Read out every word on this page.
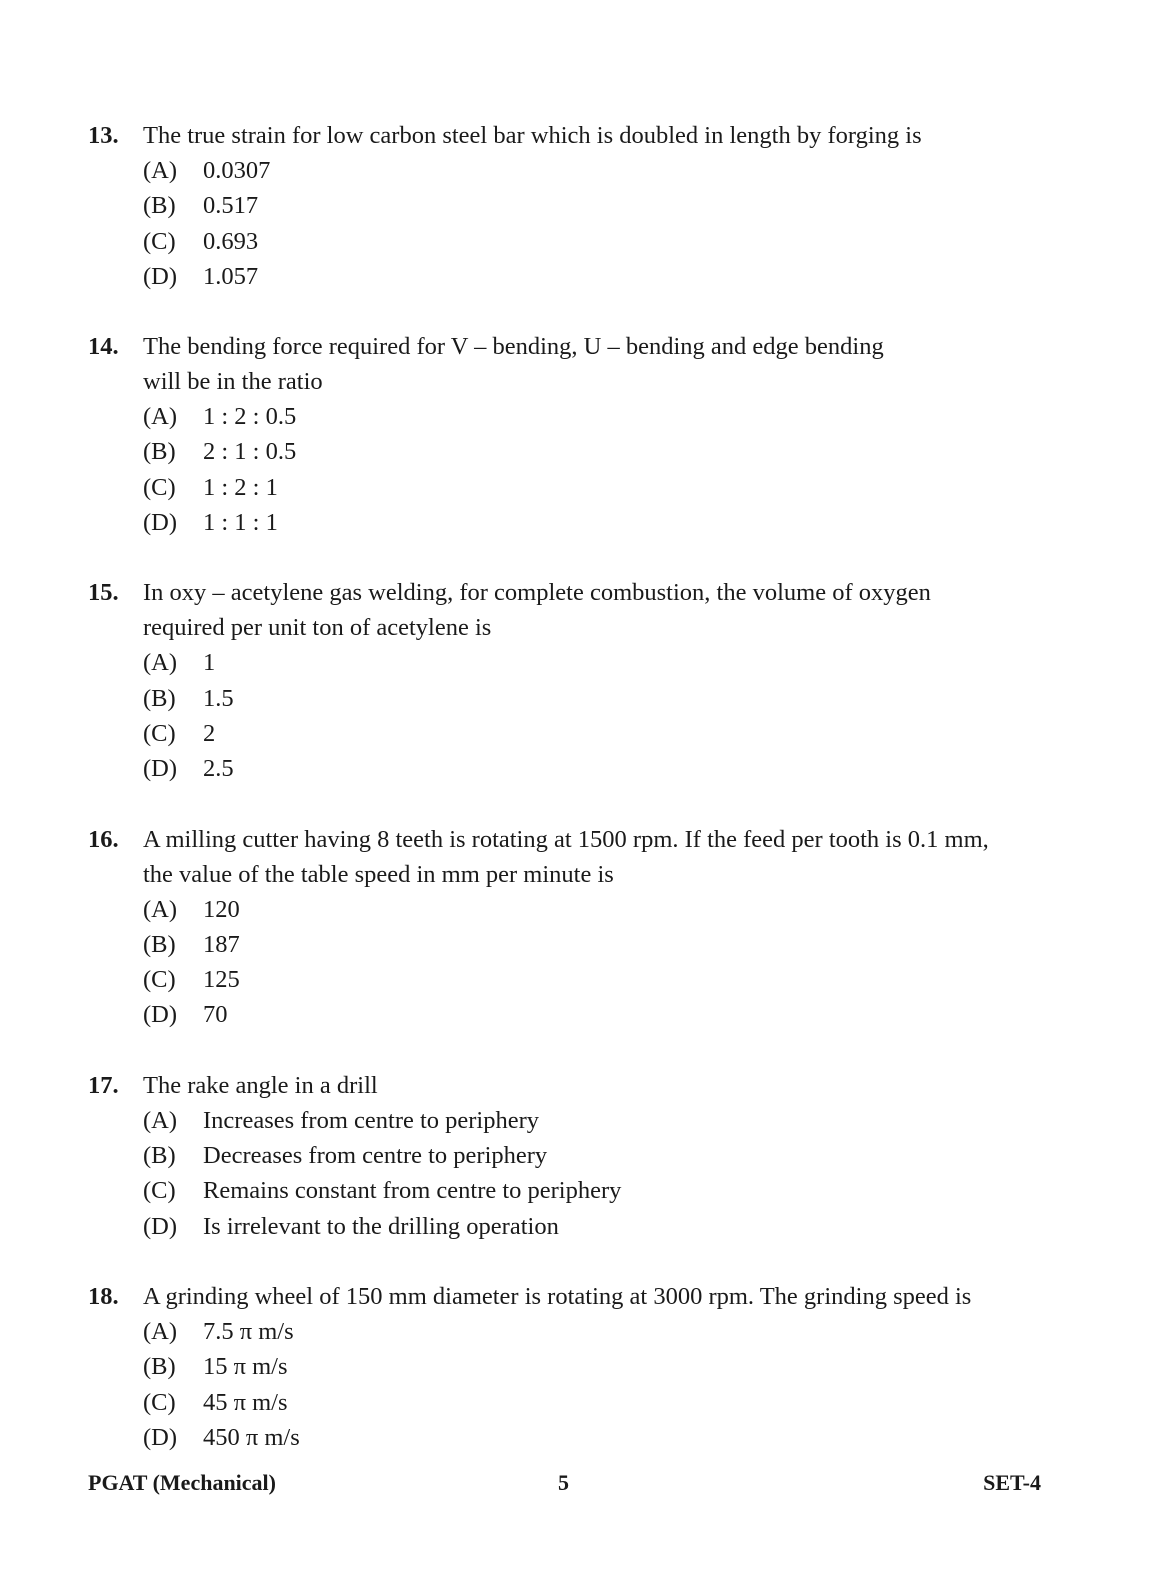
13. The true strain for low carbon steel bar which is doubled in length by forging is
(A)	0.0307
(B)	0.517
(C)	0.693
(D)	1.057
14. The bending force required for V – bending, U – bending and edge bending
will be in the ratio
(A)	1 : 2 : 0.5
(B)	2 : 1 : 0.5
(C)	1 : 2 : 1
(D)	1 : 1 : 1
15. In oxy – acetylene gas welding, for complete combustion, the volume of oxygen
required per unit ton of acetylene is
(A)	1
(B)	1.5
(C)	2
(D)	2.5
16. A milling cutter having 8 teeth is rotating at 1500 rpm. If the feed per tooth is 0.1 mm,
the value of the table speed in mm per minute is
(A)	120
(B)	187
(C)	125
(D)	70
17. The rake angle in a drill
(A)	Increases from centre to periphery
(B)	Decreases from centre to periphery
(C)	Remains constant from centre to periphery
(D)	Is irrelevant to the drilling operation
18. A grinding wheel of 150 mm diameter is rotating at 3000 rpm. The grinding speed is
(A)	7.5 π m/s
(B)	15 π m/s
(C)	45 π m/s
(D)	450 π m/s
PGAT (Mechanical)	5	SET-4
